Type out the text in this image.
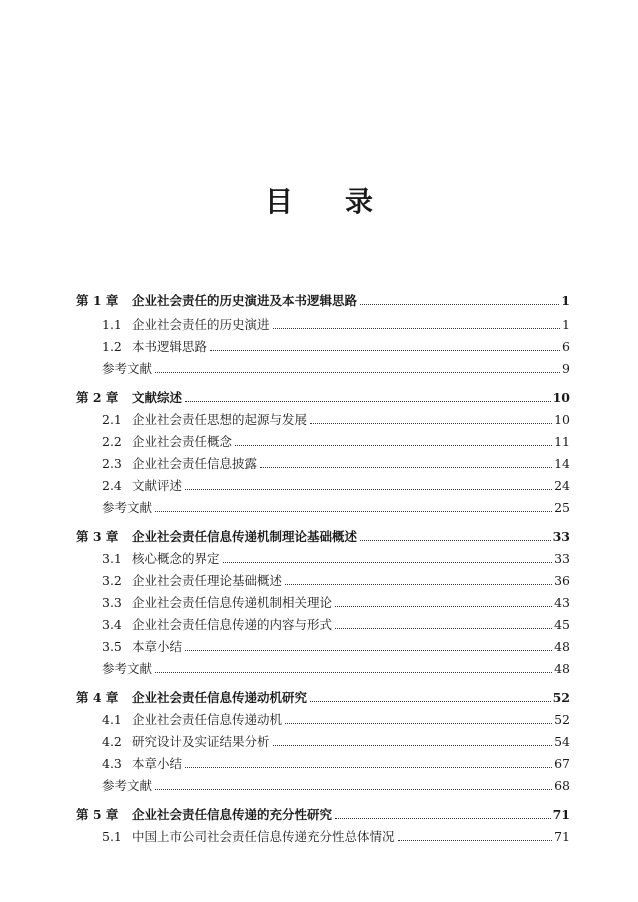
目 录
第 1 章	企业社会责任的历史演进及本书逻辑思路	1
1.1 企业社会责任的历史演进	1
1.2 本书逻辑思路	6
参考文献	9
第 2 章	文献综述	10
2.1 企业社会责任思想的起源与发展	10
2.2 企业社会责任概念	11
2.3 企业社会责任信息披露	14
2.4 文献评述	24
参考文献	25
第 3 章	企业社会责任信息传递机制理论基础概述	33
3.1 核心概念的界定	33
3.2 企业社会责任理论基础概述	36
3.3 企业社会责任信息传递机制相关理论	43
3.4 企业社会责任信息传递的内容与形式	45
3.5 本章小结	48
参考文献	48
第 4 章	企业社会责任信息传递动机研究	52
4.1 企业社会责任信息传递动机	52
4.2 研究设计及实证结果分析	54
4.3 本章小结	67
参考文献	68
第 5 章	企业社会责任信息传递的充分性研究	71
5.1 中国上市公司社会责任信息传递充分性总体情况	71
